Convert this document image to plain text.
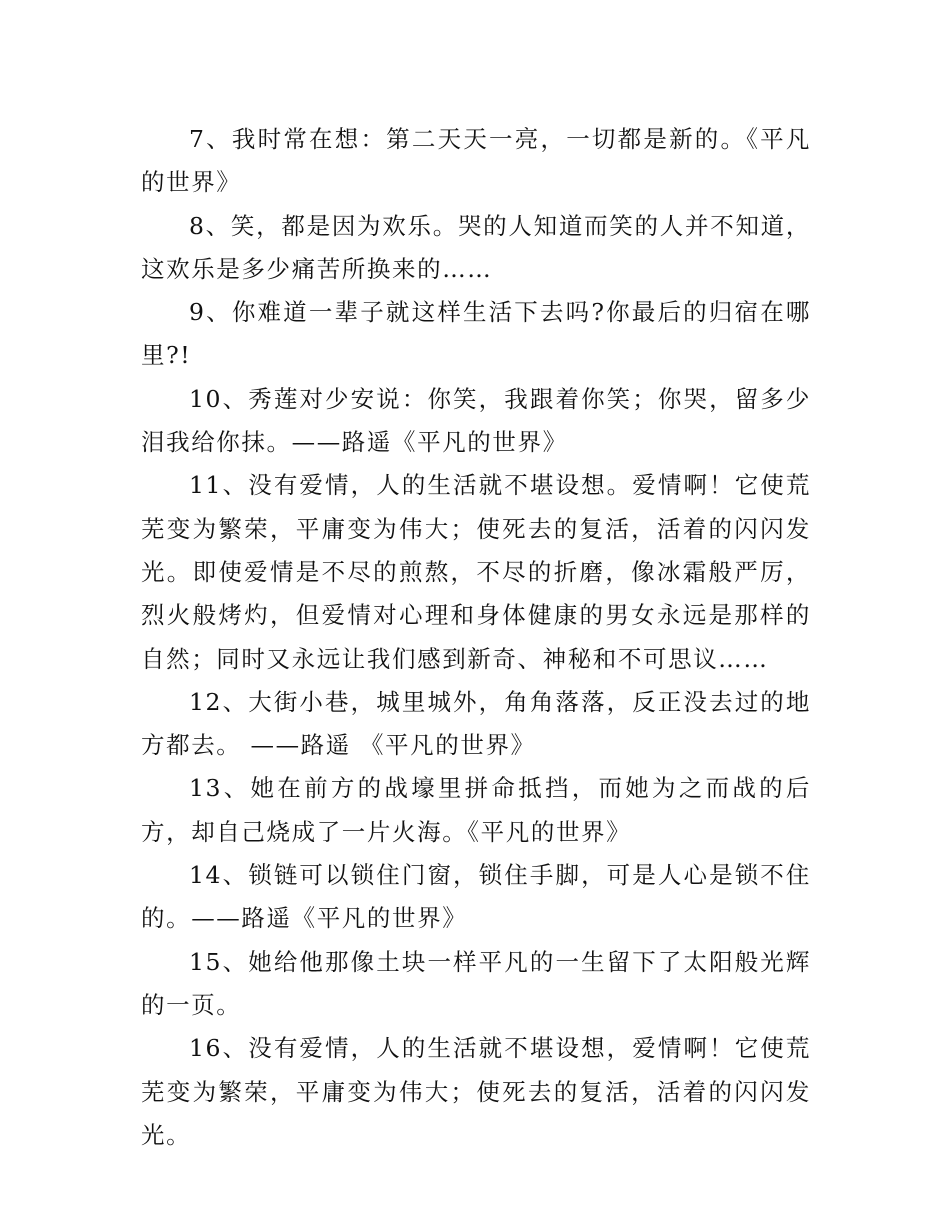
7、我时常在想：第二天天一亮，一切都是新的。《平凡的世界》

8、笑，都是因为欢乐。哭的人知道而笑的人并不知道，这欢乐是多少痛苦所换来的……

9、你难道一辈子就这样生活下去吗?你最后的归宿在哪里?!

10、秀莲对少安说：你笑，我跟着你笑；你哭，留多少泪我给你抹。——路遥《平凡的世界》

11、没有爱情，人的生活就不堪设想。爱情啊！它使荒芜变为繁荣，平庸变为伟大；使死去的复活，活着的闪闪发光。即使爱情是不尽的煎熬，不尽的折磨，像冰霜般严厉，烈火般烤灼，但爱情对心理和身体健康的男女永远是那样的自然；同时又永远让我们感到新奇、神秘和不可思议……

12、大街小巷，城里城外，角角落落，反正没去过的地方都去。 ——路遥 《平凡的世界》

13、她在前方的战壕里拼命抵挡，而她为之而战的后方，却自己烧成了一片火海。《平凡的世界》

14、锁链可以锁住门窗，锁住手脚，可是人心是锁不住的。——路遥《平凡的世界》

15、她给他那像土块一样平凡的一生留下了太阳般光辉的一页。

16、没有爱情，人的生活就不堪设想，爱情啊！它使荒芜变为繁荣，平庸变为伟大；使死去的复活，活着的闪闪发光。
